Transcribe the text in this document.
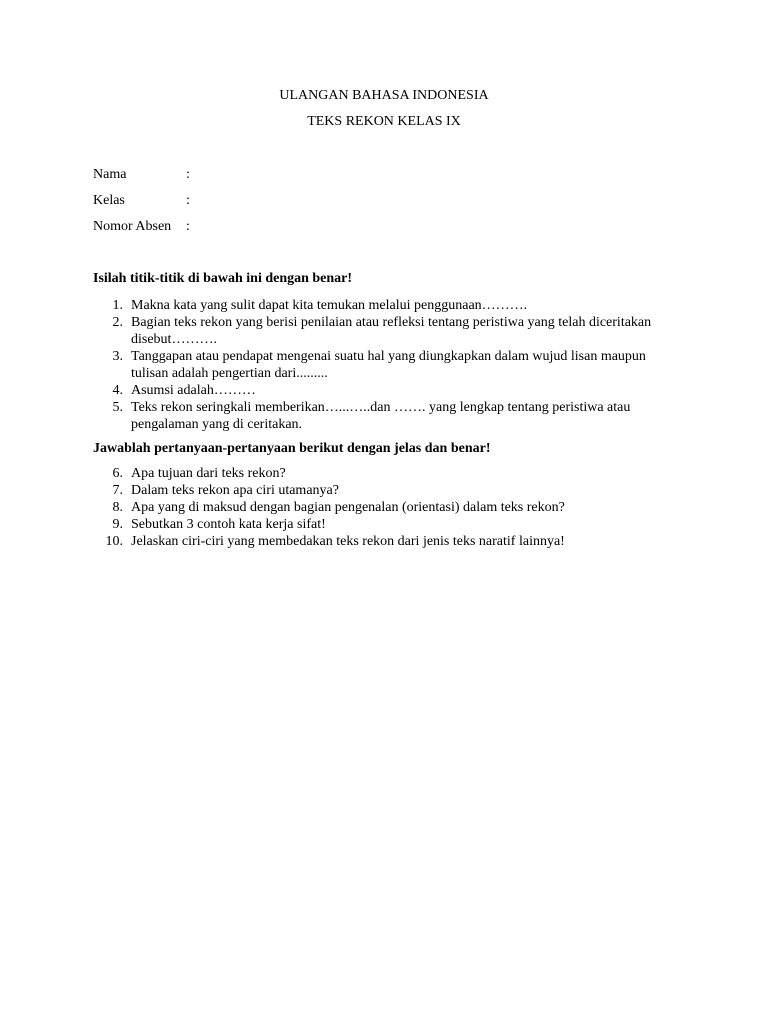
ULANGAN BAHASA INDONESIA
TEKS REKON KELAS IX
Nama	:
Kelas	:
Nomor Absen	:
Isilah titik-titik di bawah ini dengan benar!
1. Makna kata yang sulit dapat kita temukan melalui penggunaan……….
2. Bagian teks rekon yang berisi penilaian atau refleksi tentang peristiwa yang telah diceritakan disebut……….
3. Tanggapan atau pendapat mengenai suatu hal yang diungkapkan dalam wujud lisan maupun tulisan adalah pengertian dari.........
4. Asumsi adalah………
5. Teks rekon seringkali memberikan…...…..dan ……. yang lengkap tentang peristiwa atau pengalaman yang di ceritakan.
Jawablah pertanyaan-pertanyaan berikut dengan jelas dan benar!
6. Apa tujuan dari teks rekon?
7. Dalam teks rekon apa ciri utamanya?
8. Apa yang di maksud dengan bagian pengenalan (orientasi) dalam teks rekon?
9. Sebutkan 3 contoh kata kerja sifat!
10. Jelaskan ciri-ciri yang membedakan teks rekon dari jenis teks naratif lainnya!
